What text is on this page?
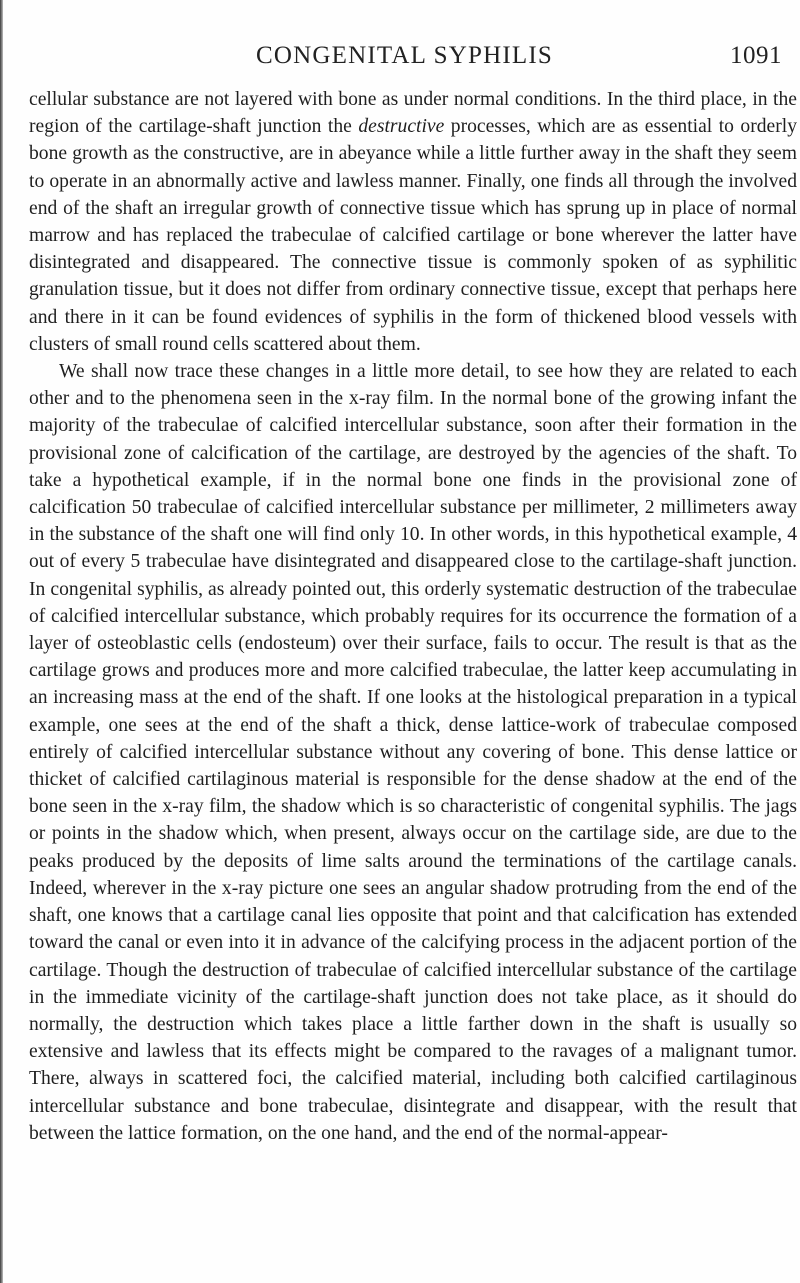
CONGENITAL SYPHILIS	1091

cellular substance are not layered with bone as under normal conditions. In the third place, in the region of the cartilage-shaft junction the destructive processes, which are as essential to orderly bone growth as the constructive, are in abeyance while a little further away in the shaft they seem to operate in an abnormally active and lawless manner. Finally, one finds all through the involved end of the shaft an irregular growth of connective tissue which has sprung up in place of normal marrow and has replaced the trabeculae of calcified cartilage or bone wherever the latter have disintegrated and disappeared. The connective tissue is commonly spoken of as syphilitic granulation tissue, but it does not differ from ordinary connective tissue, except that perhaps here and there in it can be found evidences of syphilis in the form of thickened blood vessels with clusters of small round cells scattered about them.

We shall now trace these changes in a little more detail, to see how they are related to each other and to the phenomena seen in the x-ray film. In the normal bone of the growing infant the majority of the trabeculae of calcified intercellular substance, soon after their formation in the provisional zone of calcification of the cartilage, are destroyed by the agencies of the shaft. To take a hypothetical example, if in the normal bone one finds in the provisional zone of calcification 50 trabeculae of calcified intercellular substance per millimeter, 2 millimeters away in the substance of the shaft one will find only 10. In other words, in this hypothetical example, 4 out of every 5 trabeculae have disintegrated and disappeared close to the cartilage-shaft junction. In congenital syphilis, as already pointed out, this orderly systematic destruction of the trabeculae of calcified intercellular substance, which probably requires for its occurrence the formation of a layer of osteoblastic cells (endosteum) over their surface, fails to occur. The result is that as the cartilage grows and produces more and more calcified trabeculae, the latter keep accumulating in an increasing mass at the end of the shaft. If one looks at the histological preparation in a typical example, one sees at the end of the shaft a thick, dense lattice-work of trabeculae composed entirely of calcified intercellular substance without any covering of bone. This dense lattice or thicket of calcified cartilaginous material is responsible for the dense shadow at the end of the bone seen in the x-ray film, the shadow which is so characteristic of congenital syphilis. The jags or points in the shadow which, when present, always occur on the cartilage side, are due to the peaks produced by the deposits of lime salts around the terminations of the cartilage canals. Indeed, wherever in the x-ray picture one sees an angular shadow protruding from the end of the shaft, one knows that a cartilage canal lies opposite that point and that calcification has extended toward the canal or even into it in advance of the calcifying process in the adjacent portion of the cartilage. Though the destruction of trabeculae of calcified intercellular substance of the cartilage in the immediate vicinity of the cartilage-shaft junction does not take place, as it should do normally, the destruction which takes place a little farther down in the shaft is usually so extensive and lawless that its effects might be compared to the ravages of a malignant tumor. There, always in scattered foci, the calcified material, including both calcified cartilaginous intercellular substance and bone trabeculae, disintegrate and disappear, with the result that between the lattice formation, on the one hand, and the end of the normal-appear-
